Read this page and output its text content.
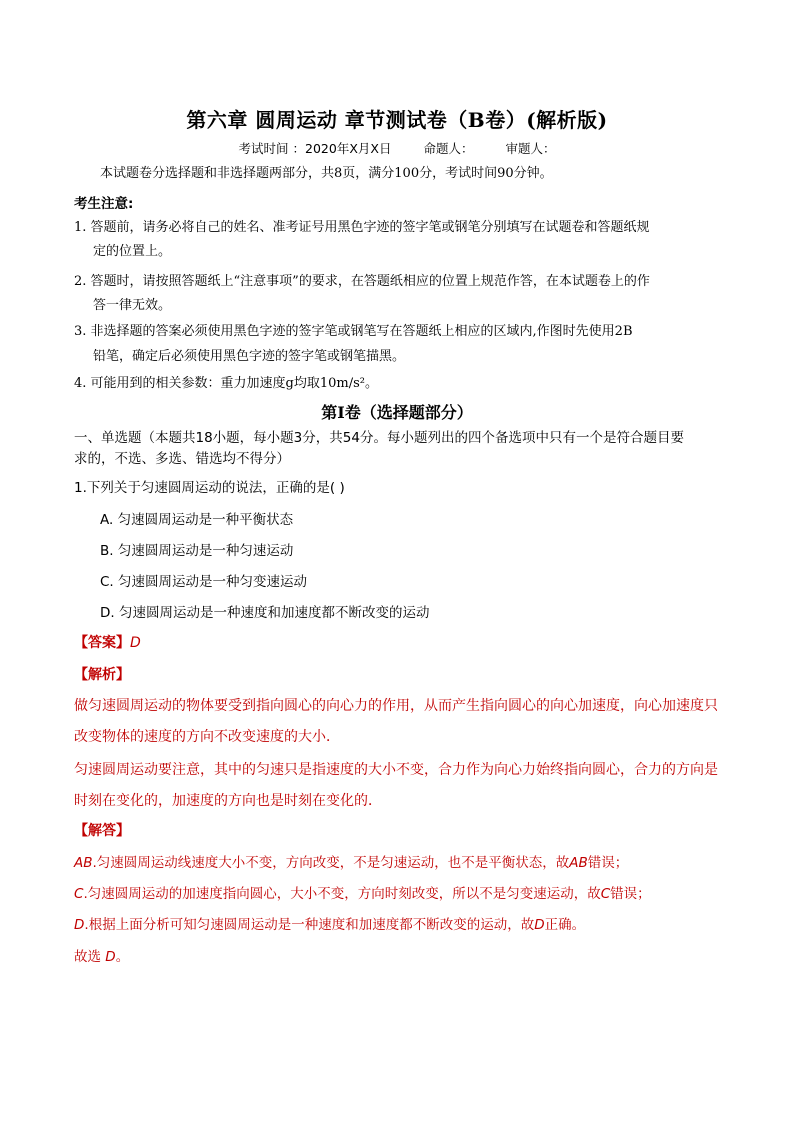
第六章 圆周运动 章节测试卷（B卷）(解析版)
考试时间 ：2020年X月X日	命题人：	审题人：
本试题卷分选择题和非选择题两部分，共8页，满分100分，考试时间90分钟。
考生注意:
1. 答题前，请务必将自己的姓名、准考证号用黑色字迹的签字笔或钢笔分别填写在试题卷和答题纸规
定的位置上。
2. 答题时，请按照答题纸上“注意事项”的要求，在答题纸相应的位置上规范作答，在本试题卷上的作
答一律无效。
3. 非选择题的答案必须使用黑色字迹的签字笔或钢笔写在答题纸上相应的区域内,作图时先使用2B
铅笔，确定后必须使用黑色字迹的签字笔或钢笔描黑。
4. 可能用到的相关参数：重力加速度g均取10m/s²。
第I卷（选择题部分）
一、单选题（本题共18小题，每小题3分，共54分。每小题列出的四个备选项中只有一个是符合题目要
求的，不选、多选、错选均不得分）
1.下列关于匀速圆周运动的说法，正确的是( )
A. 匀速圆周运动是一种平衡状态
B. 匀速圆周运动是一种匀速运动
C. 匀速圆周运动是一种匀变速运动
D. 匀速圆周运动是一种速度和加速度都不断改变的运动
【答案】D
【解析】
做匀速圆周运动的物体要受到指向圆心的向心力的作用，从而产生指向圆心的向心加速度，向心加速度只
改变物体的速度的方向不改变速度的大小．
匀速圆周运动要注意，其中的匀速只是指速度的大小不变，合力作为向心力始终指向圆心，合力的方向是
时刻在变化的，加速度的方向也是时刻在变化的．
【解答】
AB.匀速圆周运动线速度大小不变，方向改变，不是匀速运动，也不是平衡状态，故AB错误；
C.匀速圆周运动的加速度指向圆心，大小不变，方向时刻改变，所以不是匀变速运动，故C错误；
D.根据上面分析可知匀速圆周运动是一种速度和加速度都不断改变的运动，故D正确。
故选 D。
